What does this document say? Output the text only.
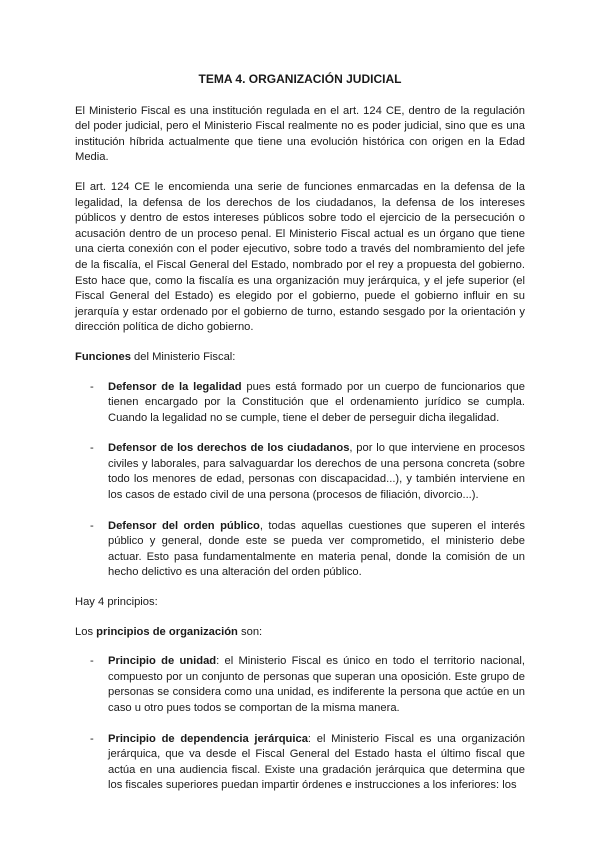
TEMA 4. ORGANIZACIÓN JUDICIAL

El Ministerio Fiscal es una institución regulada en el art. 124 CE, dentro de la regulación del poder judicial, pero el Ministerio Fiscal realmente no es poder judicial, sino que es una institución híbrida actualmente que tiene una evolución histórica con origen en la Edad Media.

El art. 124 CE le encomienda una serie de funciones enmarcadas en la defensa de la legalidad, la defensa de los derechos de los ciudadanos, la defensa de los intereses públicos y dentro de estos intereses públicos sobre todo el ejercicio de la persecución o acusación dentro de un proceso penal. El Ministerio Fiscal actual es un órgano que tiene una cierta conexión con el poder ejecutivo, sobre todo a través del nombramiento del jefe de la fiscalía, el Fiscal General del Estado, nombrado por el rey a propuesta del gobierno. Esto hace que, como la fiscalía es una organización muy jerárquica, y el jefe superior (el Fiscal General del Estado) es elegido por el gobierno, puede el gobierno influir en su jerarquía y estar ordenado por el gobierno de turno, estando sesgado por la orientación y dirección política de dicho gobierno.

Funciones del Ministerio Fiscal:

- Defensor de la legalidad pues está formado por un cuerpo de funcionarios que tienen encargado por la Constitución que el ordenamiento jurídico se cumpla. Cuando la legalidad no se cumple, tiene el deber de perseguir dicha ilegalidad.
- Defensor de los derechos de los ciudadanos, por lo que interviene en procesos civiles y laborales, para salvaguardar los derechos de una persona concreta (sobre todo los menores de edad, personas con discapacidad...), y también interviene en los casos de estado civil de una persona (procesos de filiación, divorcio...).
- Defensor del orden público, todas aquellas cuestiones que superen el interés público y general, donde este se pueda ver comprometido, el ministerio debe actuar. Esto pasa fundamentalmente en materia penal, donde la comisión de un hecho delictivo es una alteración del orden público.

Hay 4 principios:

Los principios de organización son:

- Principio de unidad: el Ministerio Fiscal es único en todo el territorio nacional, compuesto por un conjunto de personas que superan una oposición. Este grupo de personas se considera como una unidad, es indiferente la persona que actúe en un caso u otro pues todos se comportan de la misma manera.
- Principio de dependencia jerárquica: el Ministerio Fiscal es una organización jerárquica, que va desde el Fiscal General del Estado hasta el último fiscal que actúa en una audiencia fiscal. Existe una gradación jerárquica que determina que los fiscales superiores puedan impartir órdenes e instrucciones a los inferiores: los
